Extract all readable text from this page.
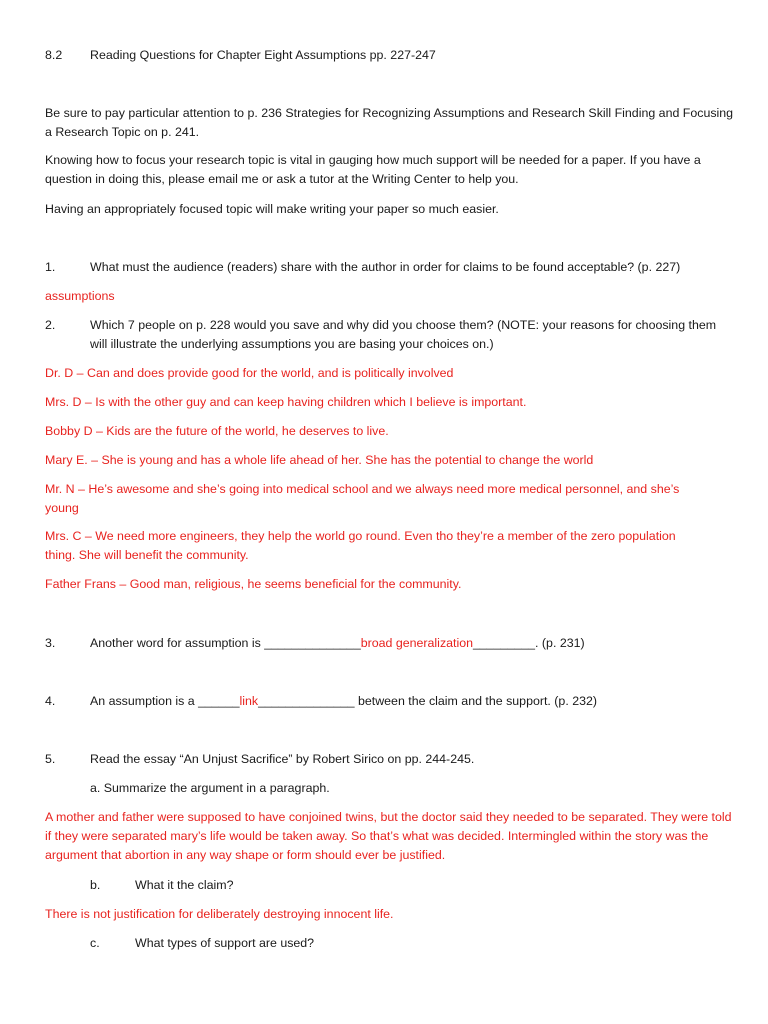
8.2 Reading Questions for Chapter Eight Assumptions pp. 227-247
Be sure to pay particular attention to p. 236 Strategies for Recognizing Assumptions and Research Skill Finding and Focusing a Research Topic on p. 241.
Knowing how to focus your research topic is vital in gauging how much support will be needed for a paper. If you have a question in doing this, please email me or ask a tutor at the Writing Center to help you.
Having an appropriately focused topic will make writing your paper so much easier.
1.	What must the audience (readers) share with the author in order for claims to be found acceptable? (p. 227)
assumptions
2.	Which 7 people on p. 228 would you save and why did you choose them? (NOTE: your reasons for choosing them will illustrate the underlying assumptions you are basing your choices on.)
Dr. D – Can and does provide good for the world, and is politically involved
Mrs. D – Is with the other guy and can keep having children which I believe is important.
Bobby D – Kids are the future of the world, he deserves to live.
Mary E. – She is young and has a whole life ahead of her. She has the potential to change the world
Mr. N – He’s awesome and she’s going into medical school and we always need more medical personnel, and she’s young
Mrs. C – We need more engineers, they help the world go round. Even tho they’re a member of the zero population thing. She will benefit the community.
Father Frans – Good man, religious, he seems beneficial for the community.
3.	Another word for assumption is ______________broad generalization_________. (p. 231)
4.	An assumption is a ______link______________ between the claim and the support. (p. 232)
5.	Read the essay “An Unjust Sacrifice” by Robert Sirico on pp. 244-245.
a. Summarize the argument in a paragraph.
A mother and father were supposed to have conjoined twins, but the doctor said they needed to be separated. They were told if they were separated mary’s life would be taken away. So that’s what was decided. Intermingled within the story was the argument that abortion in any way shape or form should ever be justified.
b.	What it the claim?
There is not justification for deliberately destroying innocent life.
c.	What types of support are used?
